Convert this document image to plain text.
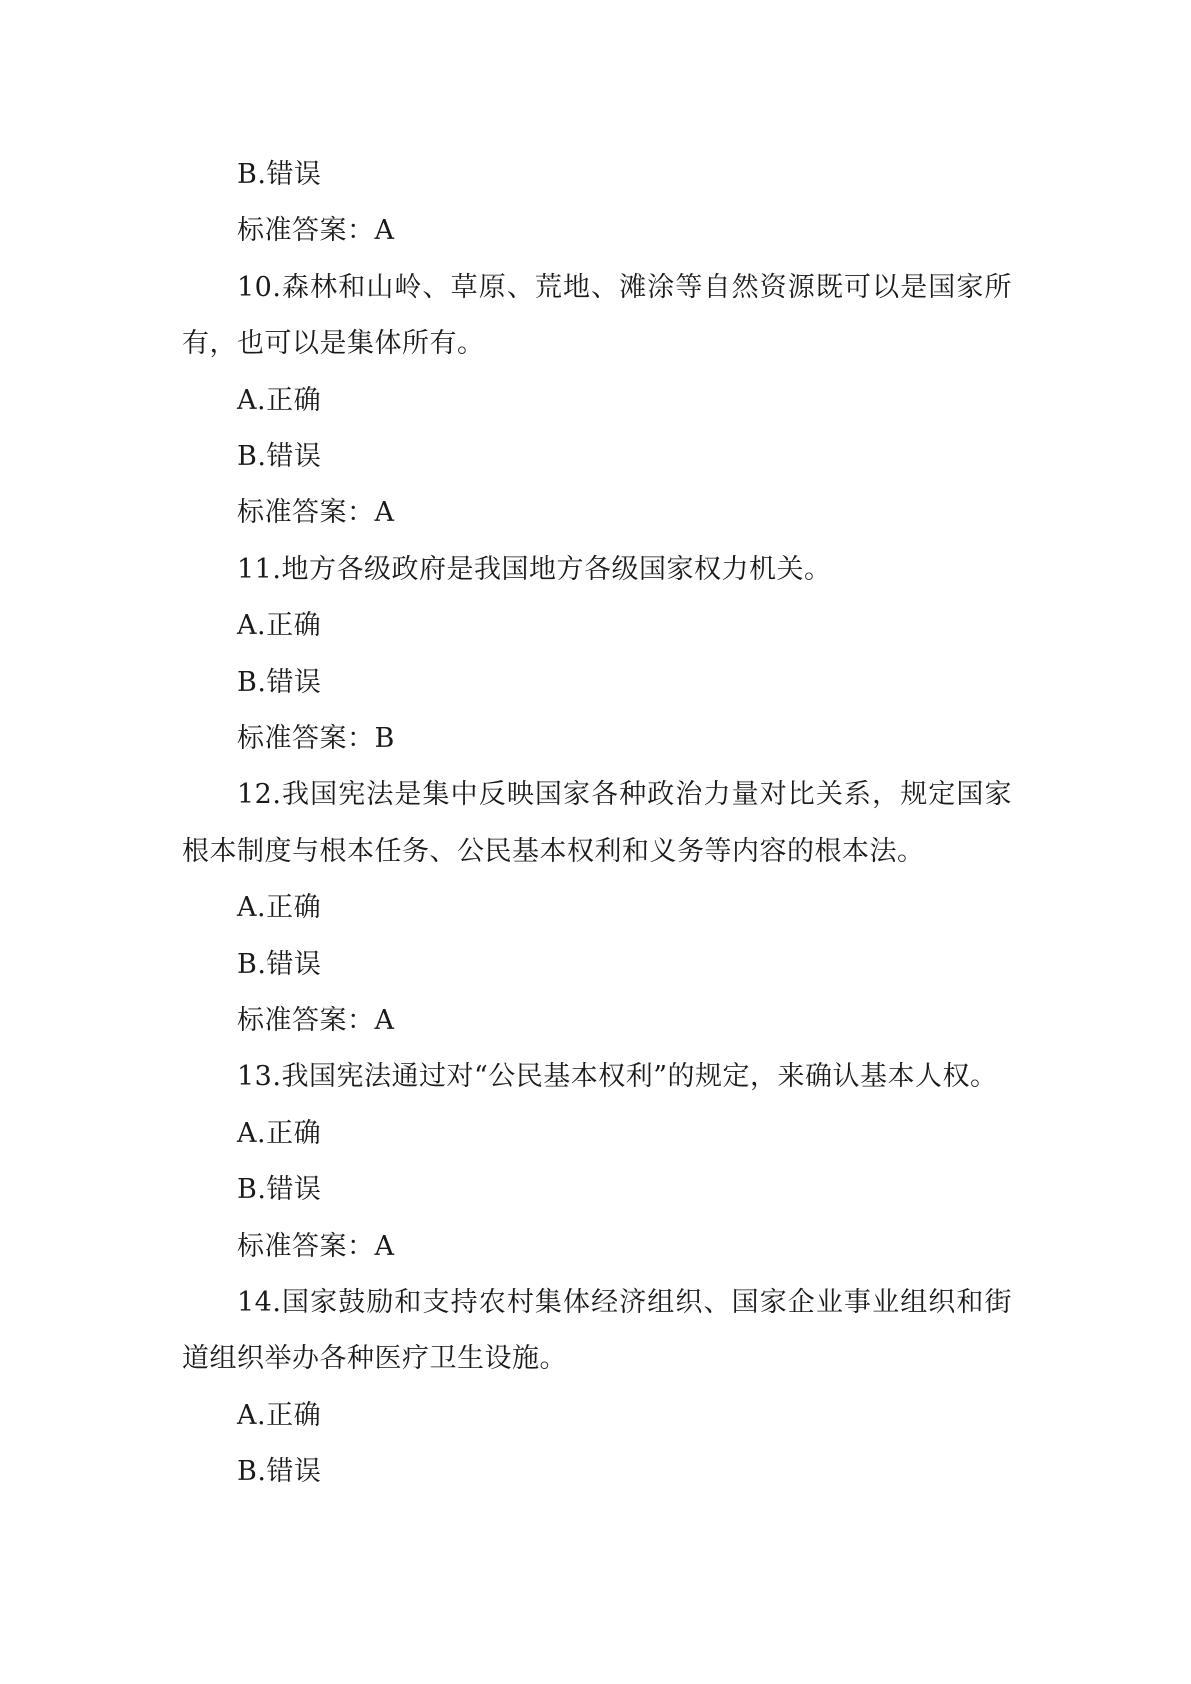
B.错误

标准答案：A

10.森林和山岭、草原、荒地、滩涂等自然资源既可以是国家所有，也可以是集体所有。

A.正确

B.错误

标准答案：A

11.地方各级政府是我国地方各级国家权力机关。

A.正确

B.错误

标准答案：B

12.我国宪法是集中反映国家各种政治力量对比关系，规定国家根本制度与根本任务、公民基本权利和义务等内容的根本法。

A.正确

B.错误

标准答案：A

13.我国宪法通过对“公民基本权利”的规定，来确认基本人权。

A.正确

B.错误

标准答案：A

14.国家鼓励和支持农村集体经济组织、国家企业事业组织和街道组织举办各种医疗卫生设施。

A.正确

B.错误
